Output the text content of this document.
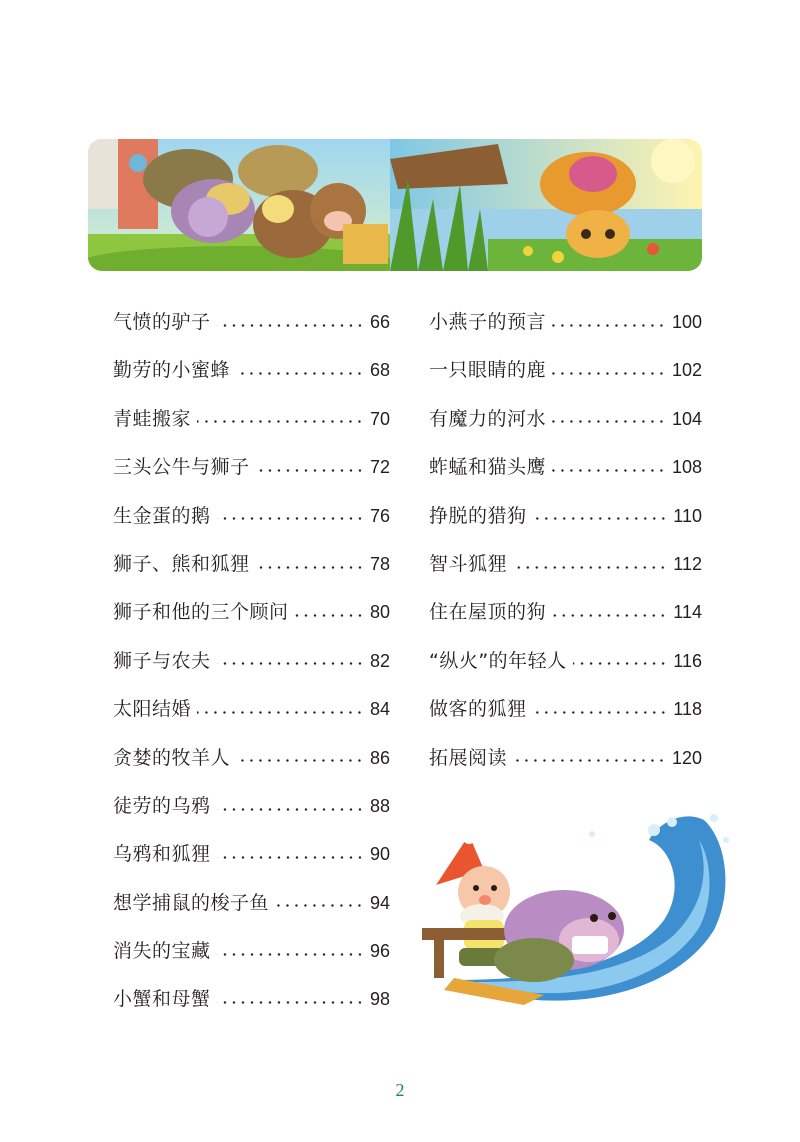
气愤的驴子	66
勤劳的小蜜蜂	68
青蛙搬家	70
三头公牛与狮子	72
生金蛋的鹅	76
狮子、熊和狐狸	78
狮子和他的三个顾问	80
狮子与农夫	82
太阳结婚	84
贪婪的牧羊人	86
徒劳的乌鸦	88
乌鸦和狐狸	90
想学捕鼠的梭子鱼	94
消失的宝藏	96
小蟹和母蟹	98
小燕子的预言	100
一只眼睛的鹿	102
有魔力的河水	104
蚱蜢和猫头鹰	108
挣脱的猎狗	110
智斗狐狸	112
住在屋顶的狗	114
“纵火”的年轻人	116
做客的狐狸	118
拓展阅读	120
2
